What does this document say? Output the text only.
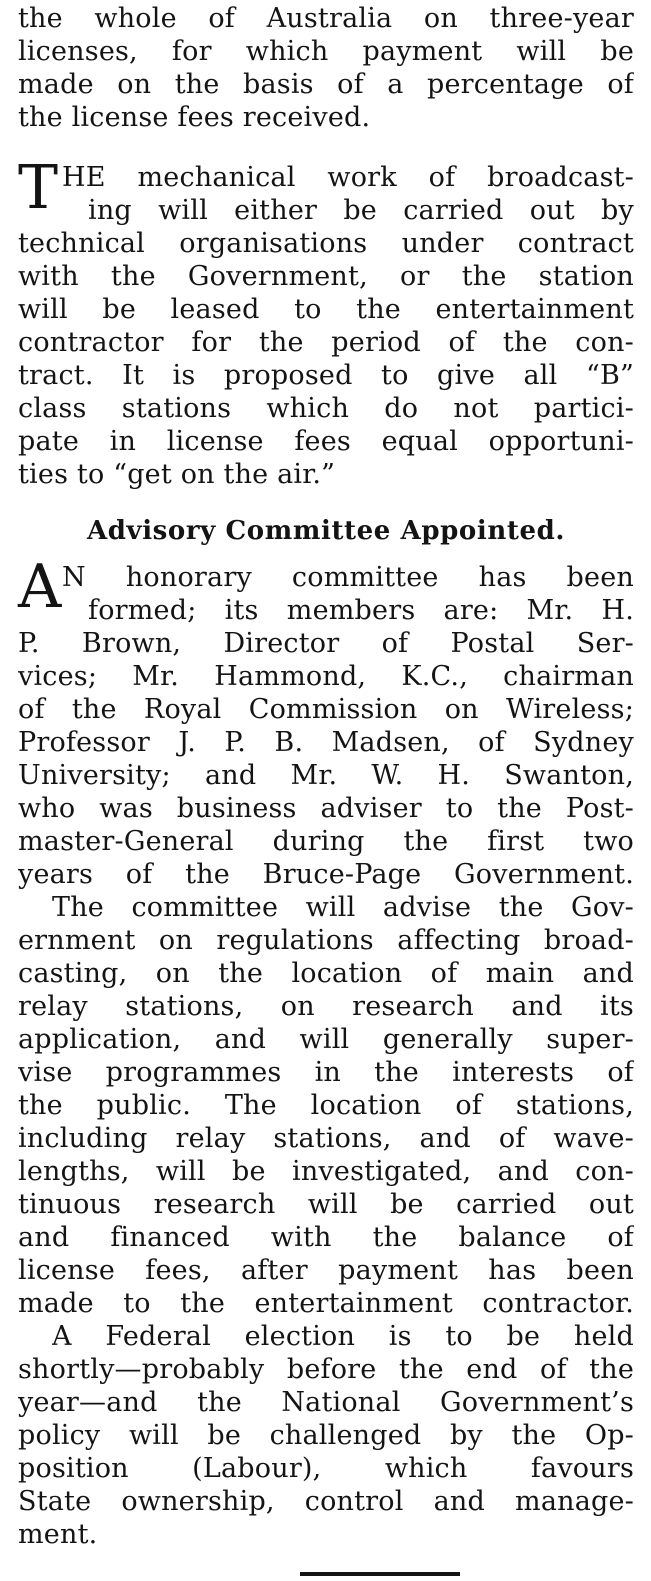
the whole of Australia on three-year
licenses, for which payment will be
made on the basis of a percentage of
the license fees received.
T HE mechanical work of broadcast-
ing will either be carried out by
technical organisations under contract
with the Government, or the station
will be leased to the entertainment
contractor for the period of the con-
tract. It is proposed to give all “B”
class stations which do not partici-
pate in license fees equal opportuni-
ties to “get on the air.”
Advisory Committee Appointed.
A N honorary committee has been
formed; its members are: Mr. H.
P. Brown, Director of Postal Ser-
vices; Mr. Hammond, K.C., chairman
of the Royal Commission on Wireless;
Professor J. P. B. Madsen, of Sydney
University; and Mr. W. H. Swanton,
who was business adviser to the Post-
master-General during the first two
years of the Bruce-Page Government.
The committee will advise the Gov-
ernment on regulations affecting broad-
casting, on the location of main and
relay stations, on research and its
application, and will generally super-
vise programmes in the interests of
the public. The location of stations,
including relay stations, and of wave-
lengths, will be investigated, and con-
tinuous research will be carried out
and financed with the balance of
license fees, after payment has been
made to the entertainment contractor.
A Federal election is to be held
shortly—probably before the end of the
year—and the National Government’s
policy will be challenged by the Op-
position (Labour), which favours
State ownership, control and manage-
ment.
